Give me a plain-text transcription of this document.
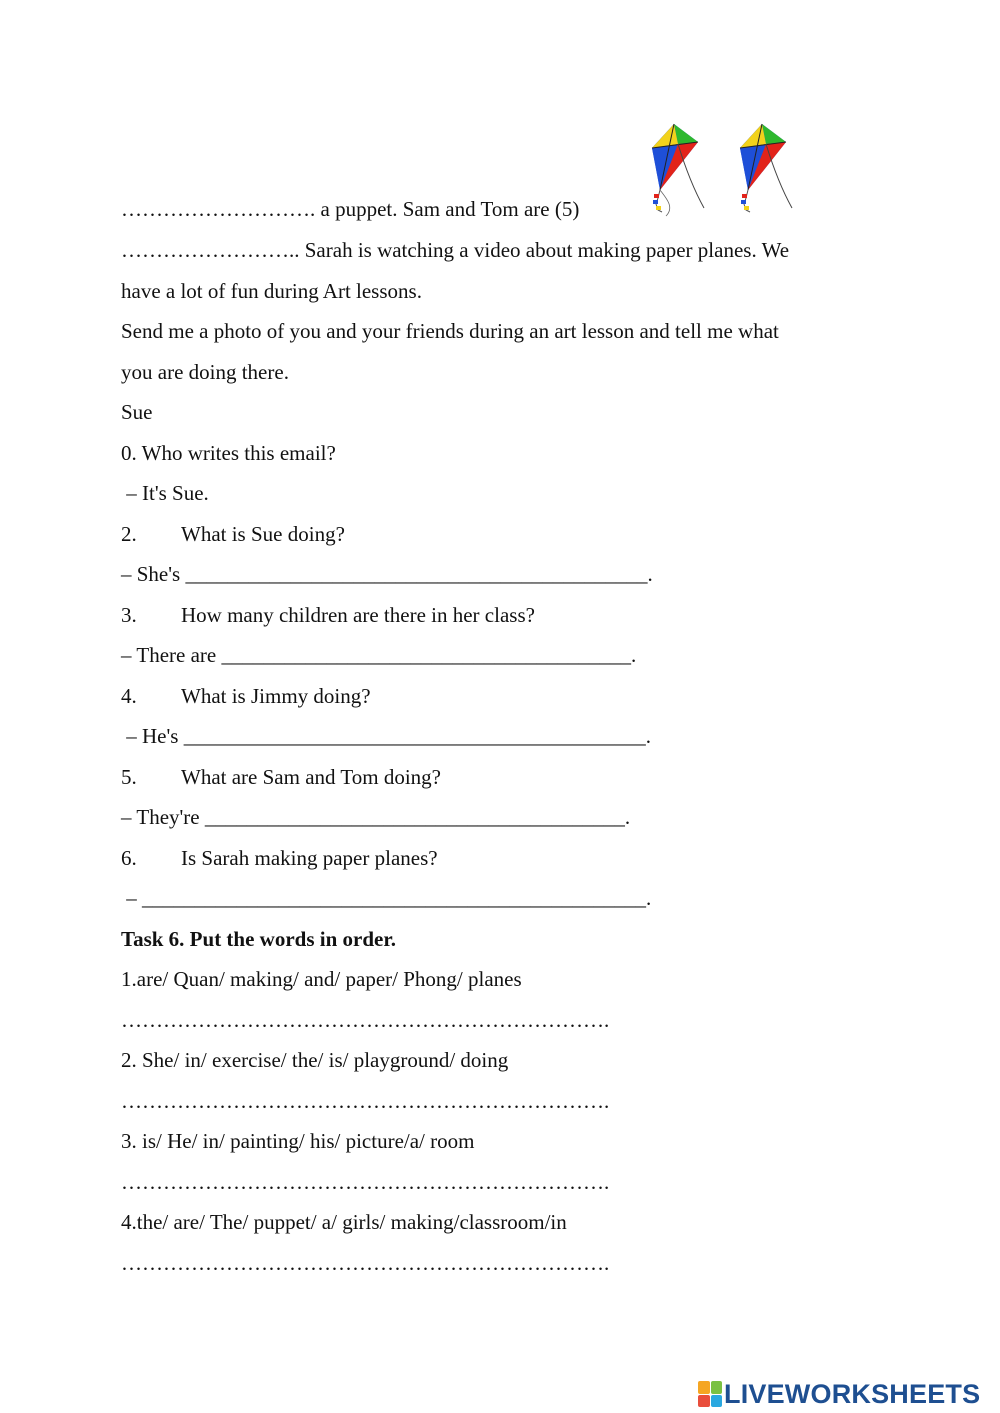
………………………. a puppet. Sam and Tom are (5)

…………………….. Sarah is watching a video about making paper planes. We

have a lot of fun during Art lessons.

Send me a photo of you and your friends during an art lesson and tell me what

you are doing there.

Sue

0. Who writes this email?

– It's Sue.

2. What is Sue doing?

– She's ____________________________________________.

3. How many children are there in her class?

– There are _______________________________________.

4. What is Jimmy doing?

– He's ____________________________________________.

5. What are Sam and Tom doing?

– They're ________________________________________.

6. Is Sarah making paper planes?

– ________________________________________________.

Task 6. Put the words in order.

1.are/ Quan/ making/ and/ paper/ Phong/ planes

…………………………………………………………….

2. She/ in/ exercise/ the/ is/ playground/ doing

…………………………………………………………….

3. is/ He/ in/ painting/ his/ picture/a/ room

…………………………………………………………….

4.the/ are/ The/ puppet/ a/ girls/ making/classroom/in

…………………………………………………………….

LIVEWORKSHEETS
